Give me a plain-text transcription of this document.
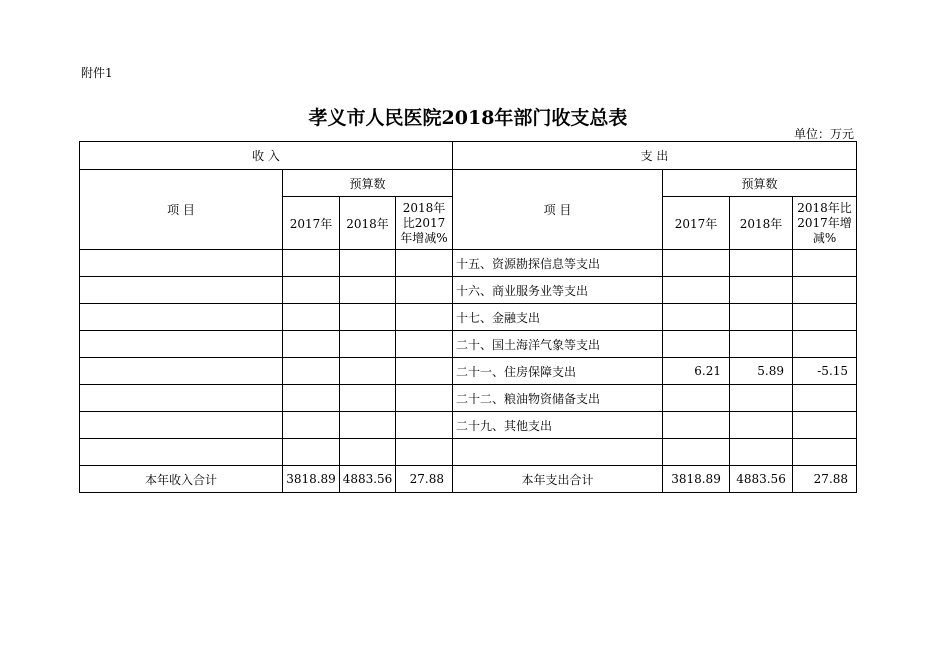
附件1
孝义市人民医院2018年部门收支总表
单位：万元
收 入				支 出			
项 目	预算数			项 目	预算数		
	2017年	2018年	2018年比2017年增减%		2017年	2018年	2018年比2017年增减%
				十五、资源勘探信息等支出			
				十六、商业服务业等支出			
				十七、金融支出			
				二十、国土海洋气象等支出			
				二十一、住房保障支出	6.21	5.89	-5.15
				二十二、粮油物资储备支出			
				二十九、其他支出			

本年收入合计	3818.89	4883.56	27.88	本年支出合计	3818.89	4883.56	27.88
